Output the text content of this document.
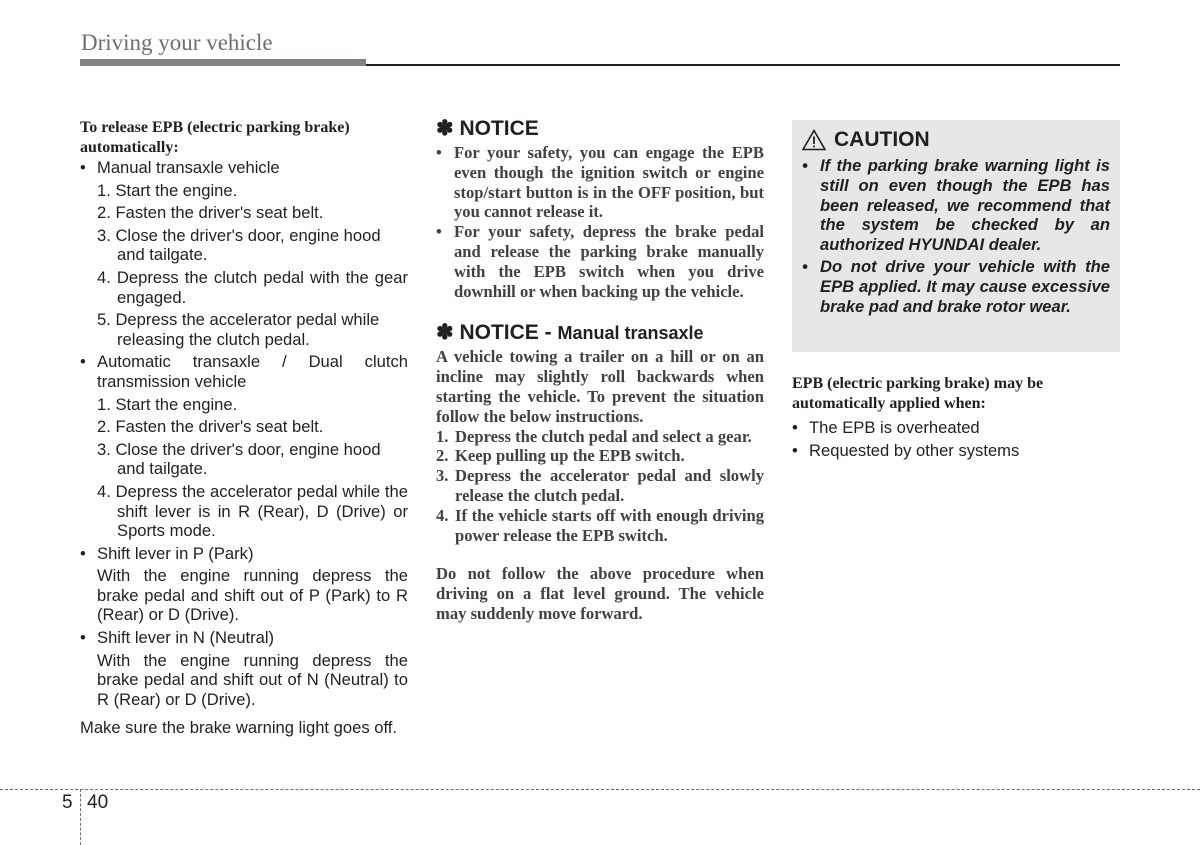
Driving your vehicle
To release EPB (electric parking brake) automatically:
• Manual transaxle vehicle
1. Start the engine.
2. Fasten the driver's seat belt.
3. Close the driver's door, engine hood and tailgate.
4. Depress the clutch pedal with the gear engaged.
5. Depress the accelerator pedal while releasing the clutch pedal.
• Automatic transaxle / Dual clutch transmission vehicle
1. Start the engine.
2. Fasten the driver's seat belt.
3. Close the driver's door, engine hood and tailgate.
4. Depress the accelerator pedal while the shift lever is in R (Rear), D (Drive) or Sports mode.
• Shift lever in P (Park)
With the engine running depress the brake pedal and shift out of P (Park) to R (Rear) or D (Drive).
• Shift lever in N (Neutral)
With the engine running depress the brake pedal and shift out of N (Neutral) to R (Rear) or D (Drive).
Make sure the brake warning light goes off.
✽ NOTICE
• For your safety, you can engage the EPB even though the ignition switch or engine stop/start button is in the OFF position, but you cannot release it.
• For your safety, depress the brake pedal and release the parking brake manually with the EPB switch when you drive downhill or when backing up the vehicle.
✽ NOTICE - Manual transaxle
A vehicle towing a trailer on a hill or on an incline may slightly roll backwards when starting the vehicle. To prevent the situation follow the below instructions.
1. Depress the clutch pedal and select a gear.
2. Keep pulling up the EPB switch.
3. Depress the accelerator pedal and slowly release the clutch pedal.
4. If the vehicle starts off with enough driving power release the EPB switch.
Do not follow the above procedure when driving on a flat level ground. The vehicle may suddenly move forward.
CAUTION
• If the parking brake warning light is still on even though the EPB has been released, we recommend that the system be checked by an authorized HYUNDAI dealer.
• Do not drive your vehicle with the EPB applied. It may cause excessive brake pad and brake rotor wear.
EPB (electric parking brake) may be automatically applied when:
• The EPB is overheated
• Requested by other systems
5 40
